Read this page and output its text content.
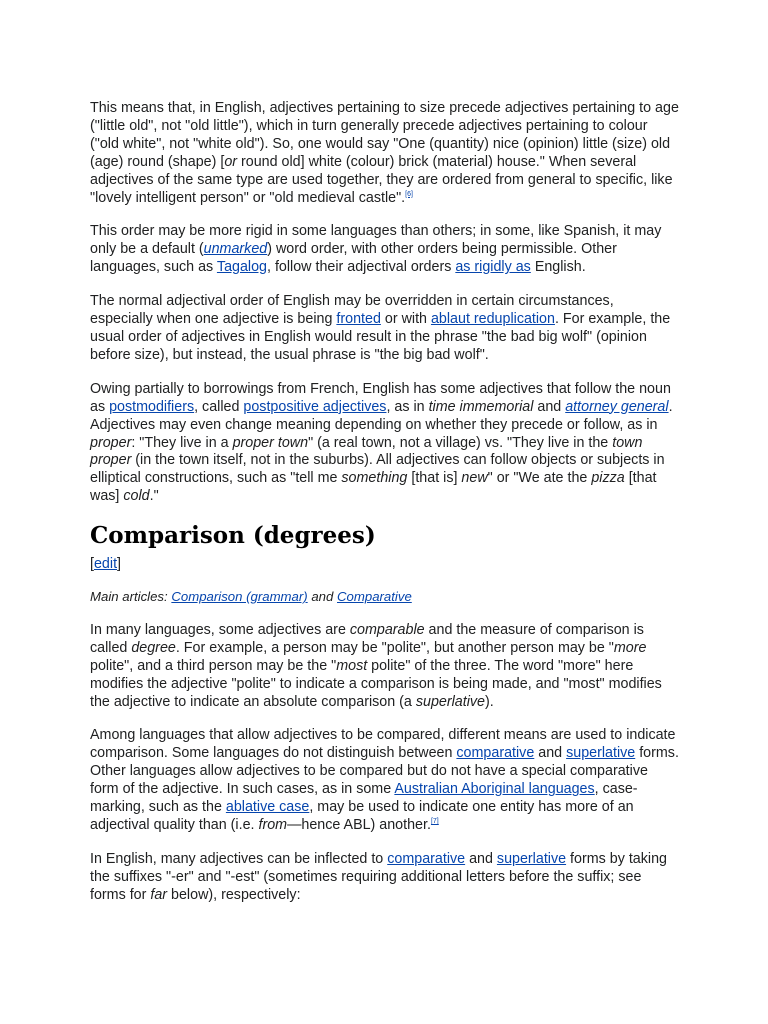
This means that, in English, adjectives pertaining to size precede adjectives pertaining to age ("little old", not "old little"), which in turn generally precede adjectives pertaining to colour ("old white", not "white old"). So, one would say "One (quantity) nice (opinion) little (size) old (age) round (shape) [or round old] white (colour) brick (material) house." When several adjectives of the same type are used together, they are ordered from general to specific, like "lovely intelligent person" or "old medieval castle".[6]

This order may be more rigid in some languages than others; in some, like Spanish, it may only be a default (unmarked) word order, with other orders being permissible. Other languages, such as Tagalog, follow their adjectival orders as rigidly as English.

The normal adjectival order of English may be overridden in certain circumstances, especially when one adjective is being fronted or with ablaut reduplication. For example, the usual order of adjectives in English would result in the phrase "the bad big wolf" (opinion before size), but instead, the usual phrase is "the big bad wolf".

Owing partially to borrowings from French, English has some adjectives that follow the noun as postmodifiers, called postpositive adjectives, as in time immemorial and attorney general. Adjectives may even change meaning depending on whether they precede or follow, as in proper: "They live in a proper town" (a real town, not a village) vs. "They live in the town proper (in the town itself, not in the suburbs). All adjectives can follow objects or subjects in elliptical constructions, such as "tell me something [that is] new" or "We ate the pizza [that was] cold."

Comparison (degrees)
[edit]
Main articles: Comparison (grammar) and Comparative

In many languages, some adjectives are comparable and the measure of comparison is called degree. For example, a person may be "polite", but another person may be "more polite", and a third person may be the "most polite" of the three. The word "more" here modifies the adjective "polite" to indicate a comparison is being made, and "most" modifies the adjective to indicate an absolute comparison (a superlative).

Among languages that allow adjectives to be compared, different means are used to indicate comparison. Some languages do not distinguish between comparative and superlative forms. Other languages allow adjectives to be compared but do not have a special comparative form of the adjective. In such cases, as in some Australian Aboriginal languages, case-marking, such as the ablative case, may be used to indicate one entity has more of an adjectival quality than (i.e. from—hence ABL) another.[7]

In English, many adjectives can be inflected to comparative and superlative forms by taking the suffixes "-er" and "-est" (sometimes requiring additional letters before the suffix; see forms for far below), respectively:
